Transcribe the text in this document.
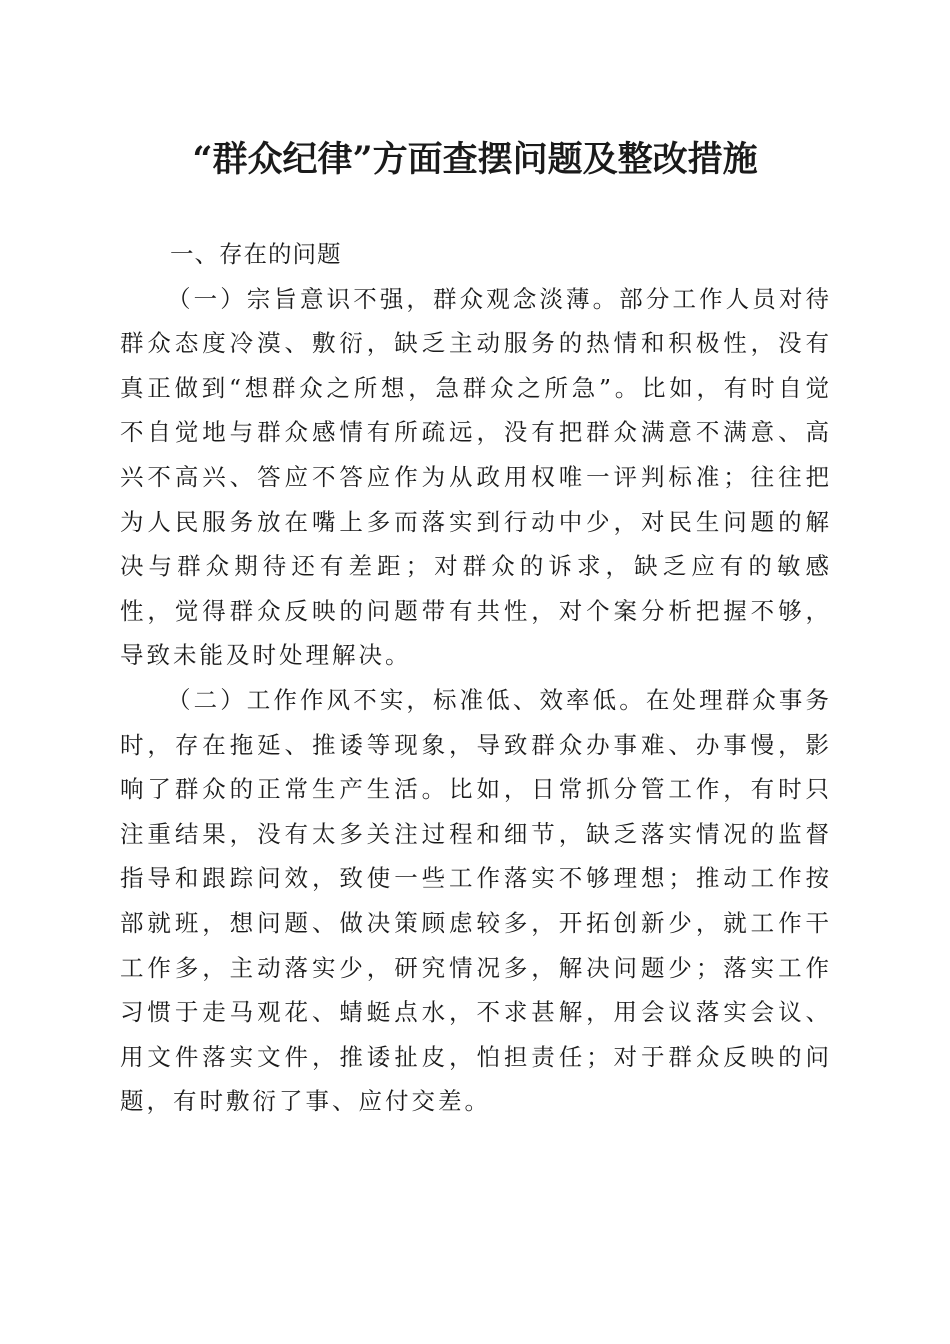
“群众纪律”方面查摆问题及整改措施
一、存在的问题

（一）宗旨意识不强，群众观念淡薄。部分工作人员对待群众态度冷漠、敷衍，缺乏主动服务的热情和积极性，没有真正做到“想群众之所想，急群众之所急”。比如，有时自觉不自觉地与群众感情有所疏远，没有把群众满意不满意、高兴不高兴、答应不答应作为从政用权唯一评判标准；往往把为人民服务放在嘴上多而落实到行动中少，对民生问题的解决与群众期待还有差距；对群众的诉求，缺乏应有的敏感性，觉得群众反映的问题带有共性，对个案分析把握不够，导致未能及时处理解决。

（二）工作作风不实，标准低、效率低。在处理群众事务时，存在拖延、推诿等现象，导致群众办事难、办事慢，影响了群众的正常生产生活。比如，日常抓分管工作，有时只注重结果，没有太多关注过程和细节，缺乏落实情况的监督指导和跟踪问效，致使一些工作落实不够理想；推动工作按部就班，想问题、做决策顾虑较多，开拓创新少，就工作干工作多，主动落实少，研究情况多，解决问题少；落实工作习惯于走马观花、蜻蜓点水，不求甚解，用会议落实会议、用文件落实文件，推诿扯皮，怕担责任；对于群众反映的问题，有时敷衍了事、应付交差。
